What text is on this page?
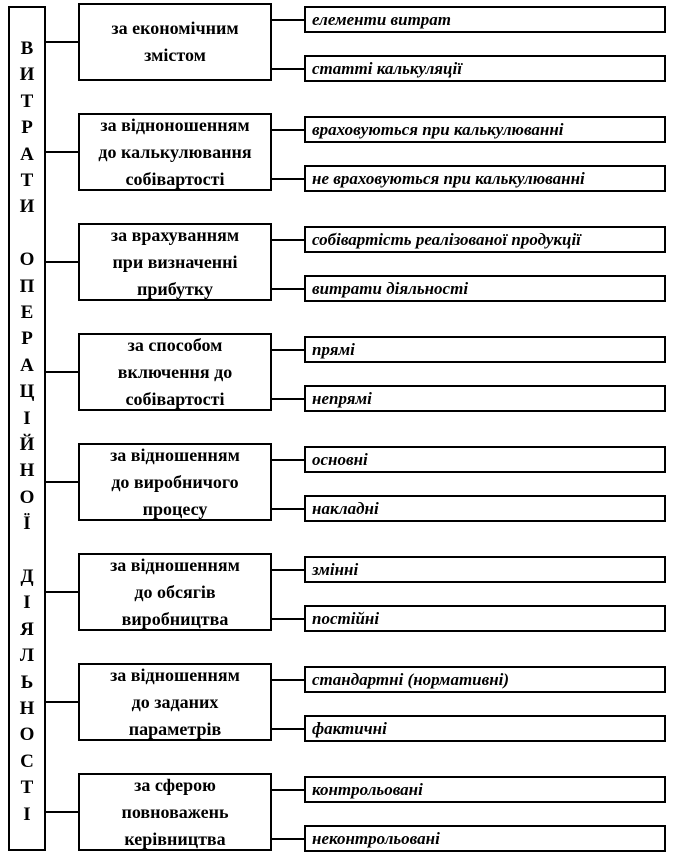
В
И
Т
Р
А
Т
И
О
П
Е
Р
А
Ц
І
Й
Н
О
Ї
Д
І
Я
Л
Ь
Н
О
С
Т
І
за економічним
змістом
елементи витрат
статті калькуляції
за відноношенням
до калькулювання
собівартості
враховуються при калькулюванні
не враховуються при калькулюванні
за врахуванням
при визначенні
прибутку
собівартість реалізованої продукції
витрати діяльності
за способом
включення до
собівартості
прямі
непрямі
за відношенням
до виробничого
процесу
основні
накладні
за відношенням
до обсягів
виробництва
змінні
постійні
за відношенням
до заданих
параметрів
стандартні (нормативні)
фактичні
за сферою
повноважень
керівництва
контрольовані
неконтрольовані
